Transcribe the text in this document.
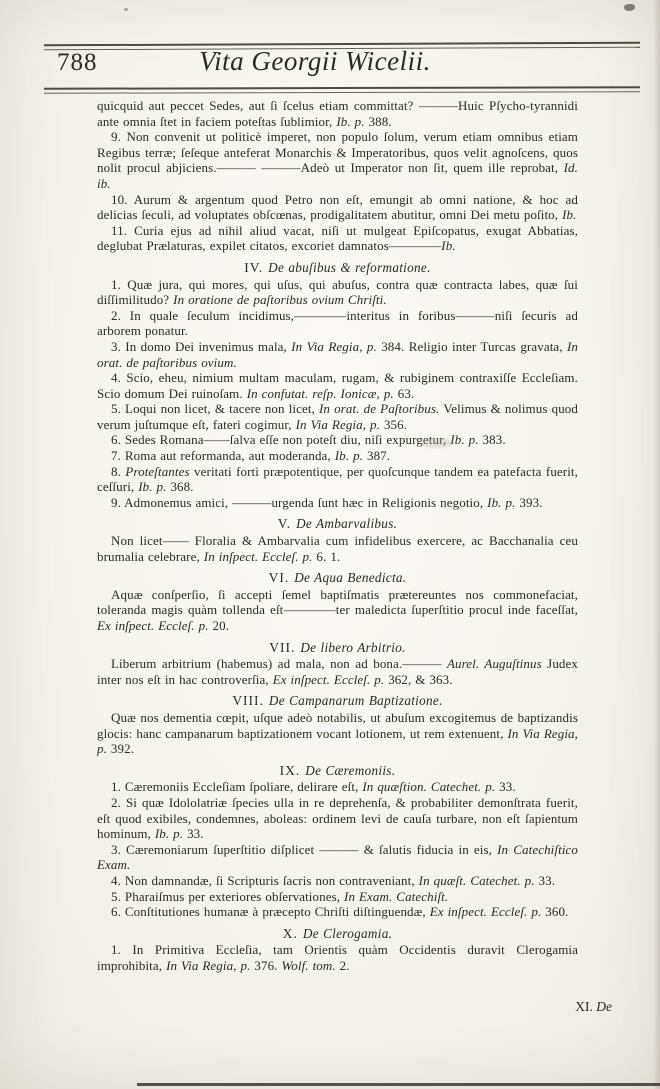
788	Vita Georgii Wicelii.

quicquid aut peccet Sedes, aut ſi ſcelus etiam committat? ———Huic Pſycho-tyrannidi ante omnia ſtet in faciem poteſtas ſublimior, Ib. p. 388.

9. Non convenit ut politicè imperet, non populo ſolum, verum etiam omnibus etiam Regibus terræ; ſeſeque anteferat Monarchis & Imperatoribus, quos velit agnoſcens, quos nolit procul abjiciens.——— ———Adeò ut Imperator non ſit, quem ille reprobat, Id. ib.

10. Aurum & argentum quod Petro non eſt, emungit ab omni natione, & hoc ad delicias ſeculi, ad voluptates obſcœnas, prodigalitatem abutitur, omni Dei metu poſito, Ib.

11. Curia ejus ad nihil aliud vacat, niſi ut mulgeat Epiſcopatus, exugat Abbatias, deglubat Prælaturas, expilet citatos, excoriet damnatos————Ib.

IV. De abuſibus & reformatione.

1. Quæ jura, qui mores, qui uſus, qui abuſus, contra quæ contracta labes, quæ ſui diſſimilitudo? In oratione de paſtoribus ovium Chriſti.

2. In quale ſeculum incidimus,————interitus in foribus———niſi ſecuris ad arborem ponatur.

3. In domo Dei invenimus mala, In Via Regia, p. 384. Religio inter Turcas gravata, In orat. de paſtoribus ovium.

4. Scio, eheu, nimium multam maculam, rugam, & rubiginem contraxiſſe Eccleſiam. Scio domum Dei ruinoſam. In confutat. reſp. Ionicæ, p. 63.

5. Loqui non licet, & tacere non licet, In orat. de Paſtoribus. Velimus & nolimus quod verum juſtumque eſt, fateri cogimur, In Via Regia, p. 356.

6. Sedes Romana——ſalva eſſe non poteſt diu, niſi expurgetur, Ib. p. 383.

7. Roma aut reformanda, aut moderanda, Ib. p. 387.

8. Proteſtantes veritati forti præpotentique, per quoſcunque tandem ea patefacta fuerit, ceſſuri, Ib. p. 368.

9. Admonemus amici, ———urgenda ſunt hæc in Religionis negotio, Ib. p. 393.

V. De Ambarvalibus.

Non licet—— Floralia & Ambarvalia cum infidelibus exercere, ac Bacchanalia ceu brumalia celebrare, In inſpect. Eccleſ. p. 6. 1.

VI. De Aqua Benedicta.

Aquæ conſperſio, ſi accepti ſemel baptiſmatis prætereuntes nos commonefaciat, toleranda magis quàm tollenda eſt————ter maledicta ſuperſtitio procul inde faceſſat, Ex inſpect. Eccleſ. p. 20.

VII. De libero Arbitrio.

Liberum arbitrium (habemus) ad mala, non ad bona.——— Aurel. Auguſtinus Judex inter nos eſt in hac controverſia, Ex inſpect. Eccleſ. p. 362, & 363.

VIII. De Campanarum Baptizatione.

Quæ nos dementia cœpit, uſque adeò notabilis, ut abuſum excogitemus de baptizandis glocis: hanc campanarum baptizationem vocant lotionem, ut rem extenuent, In Via Regia, p. 392.

IX. De Cæremoniis.

1. Cæremoniis Eccleſiam ſpoliare, delirare eſt, In quæſtion. Catechet. p. 33.

2. Si quæ Idololatriæ ſpecies ulla in re deprehenſa, & probabiliter demonſtrata fuerit, eſt quod exibiles, condemnes, aboleas: ordinem levi de cauſa turbare, non eſt ſapientum hominum, Ib. p. 33.

3. Cæremoniarum ſuperſtitio diſplicet ——— & ſalutis fiducia in eis, In Catechiſtico Exam.

4. Non damnandæ, ſi Scripturis ſacris non contraveniant, In quæſt. Catechet. p. 33.

5. Pharaiſmus per exteriores obſervationes, In Exam. Catechiſt.

6. Conſtitutiones humanæ à præcepto Chriſti diſtinguendæ, Ex inſpect. Eccleſ. p. 360.

X. De Clerogamia.

1. In Primitiva Eccleſia, tam Orientis quàm Occidentis duravit Clerogamia improhibita, In Via Regia, p. 376. Wolf. tom. 2.

XI. De
